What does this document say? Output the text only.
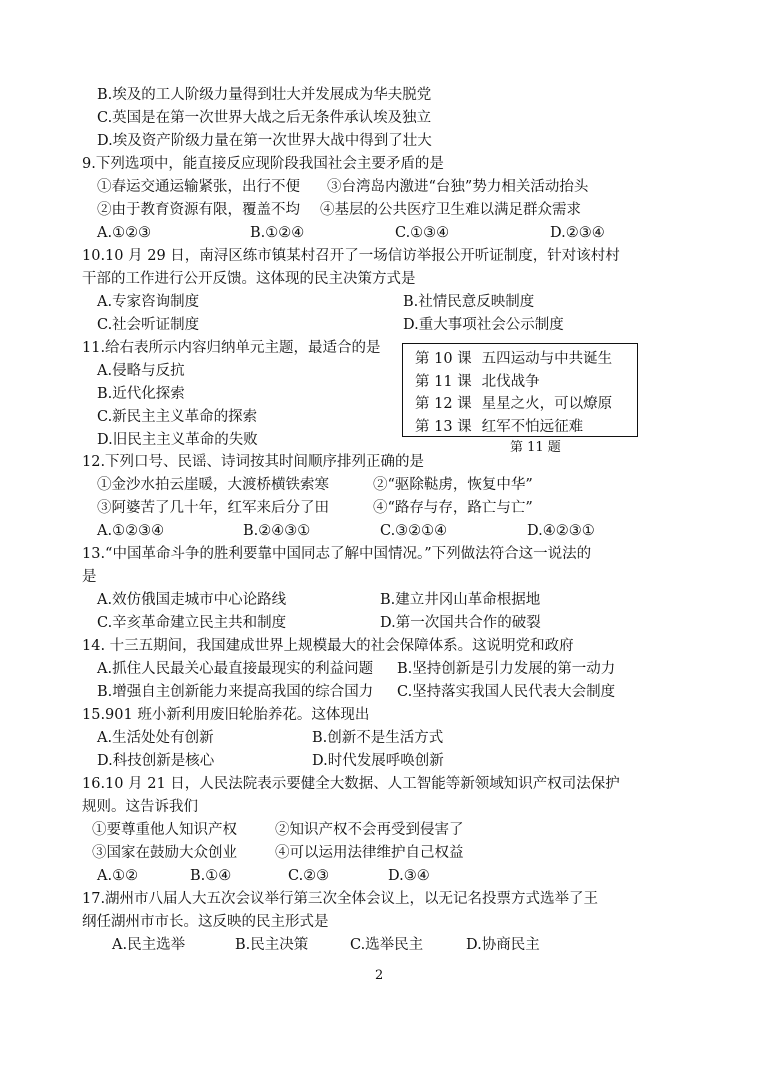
B.埃及的工人阶级力量得到壮大并发展成为华夫脱党
C.英国是在第一次世界大战之后无条件承认埃及独立
D.埃及资产阶级力量在第一次世界大战中得到了壮大
9.下列选项中，能直接反应现阶段我国社会主要矛盾的是
①春运交通运输紧张，出行不便 ③台湾岛内激进“台独”势力相关活动抬头
②由于教育资源有限，覆盖不均 ④基层的公共医疗卫生难以满足群众需求
A.①②③	B.①②④	C.①③④	D.②③④
10.10 月 29 日，南浔区练市镇某村召开了一场信访举报公开听证制度，针对该村村
干部的工作进行公开反馈。这体现的民主决策方式是
A.专家咨询制度	B.社情民意反映制度
C.社会听证制度	D.重大事项社会公示制度
11.给右表所示内容归纳单元主题，最适合的是
A.侵略与反抗
B.近代化探索
C.新民主主义革命的探索
D.旧民主主义革命的失败
第 10 课 五四运动与中共诞生
第 11 课 北伐战争
第 12 课 星星之火，可以燎原
第 13 课 红军不怕远征难
第 11 题
12.下列口号、民谣、诗词按其时间顺序排列正确的是
①金沙水拍云崖暖，大渡桥横铁索寒	②“驱除鞑虏，恢复中华”
③阿婆苦了几十年，红军来后分了田	④“路存与存，路亡与亡”
A.①②③④	B.②④③①	C.③②①④	D.④②③①
13.“中国革命斗争的胜利要靠中国同志了解中国情况。”下列做法符合这一说法的
是
A.效仿俄国走城市中心论路线	B.建立井冈山革命根据地
C.辛亥革命建立民主共和制度	D.第一次国共合作的破裂
14. 十三五期间，我国建成世界上规模最大的社会保障体系。这说明党和政府
A.抓住人民最关心最直接最现实的利益问题 B.坚持创新是引力发展的第一动力
B.增强自主创新能力来提高我国的综合国力 C.坚持落实我国人民代表大会制度
15.901 班小新利用废旧轮胎养花。这体现出
A.生活处处有创新	B.创新不是生活方式
D.科技创新是核心	D.时代发展呼唤创新
16.10 月 21 日，人民法院表示要健全大数据、人工智能等新领域知识产权司法保护
规则。这告诉我们
①要尊重他人知识产权	②知识产权不会再受到侵害了
③国家在鼓励大众创业	④可以运用法律维护自己权益
A.①②	B.①④	C.②③	D.③④
17.湖州市八届人大五次会议举行第三次全体会议上，以无记名投票方式选举了王
纲任湖州市市长。这反映的民主形式是
A.民主选举	B.民主决策	C.选举民主	D.协商民主
2
